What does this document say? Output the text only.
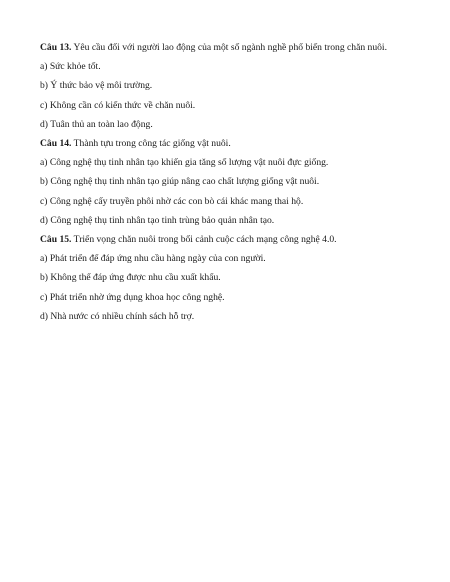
Câu 13. Yêu cầu đối với người lao động của một số ngành nghề phổ biến trong chăn nuôi.
a) Sức khỏe tốt.
b) Ý thức bảo vệ môi trường.
c) Không cần có kiến thức về chăn nuôi.
d) Tuân thủ an toàn lao động.
Câu 14. Thành tựu trong công tác giống vật nuôi.
a) Công nghệ thụ tinh nhân tạo khiến gia tăng số lượng vật nuôi đực giống.
b) Công nghệ thụ tinh nhân tạo giúp nâng cao chất lượng giống vật nuôi.
c) Công nghệ cấy truyền phôi nhờ các con bò cái khác mang thai hộ.
d) Công nghệ thụ tinh nhân tạo tinh trùng bảo quản nhân tạo.
Câu 15. Triển vọng chăn nuôi trong bối cảnh cuộc cách mạng công nghệ 4.0.
a) Phát triển để đáp ứng nhu cầu hàng ngày của con người.
b) Không thể đáp ứng được nhu cầu xuất khẩu.
c) Phát triển nhờ ứng dụng khoa học công nghệ.
d) Nhà nước có nhiều chính sách hỗ trợ.
